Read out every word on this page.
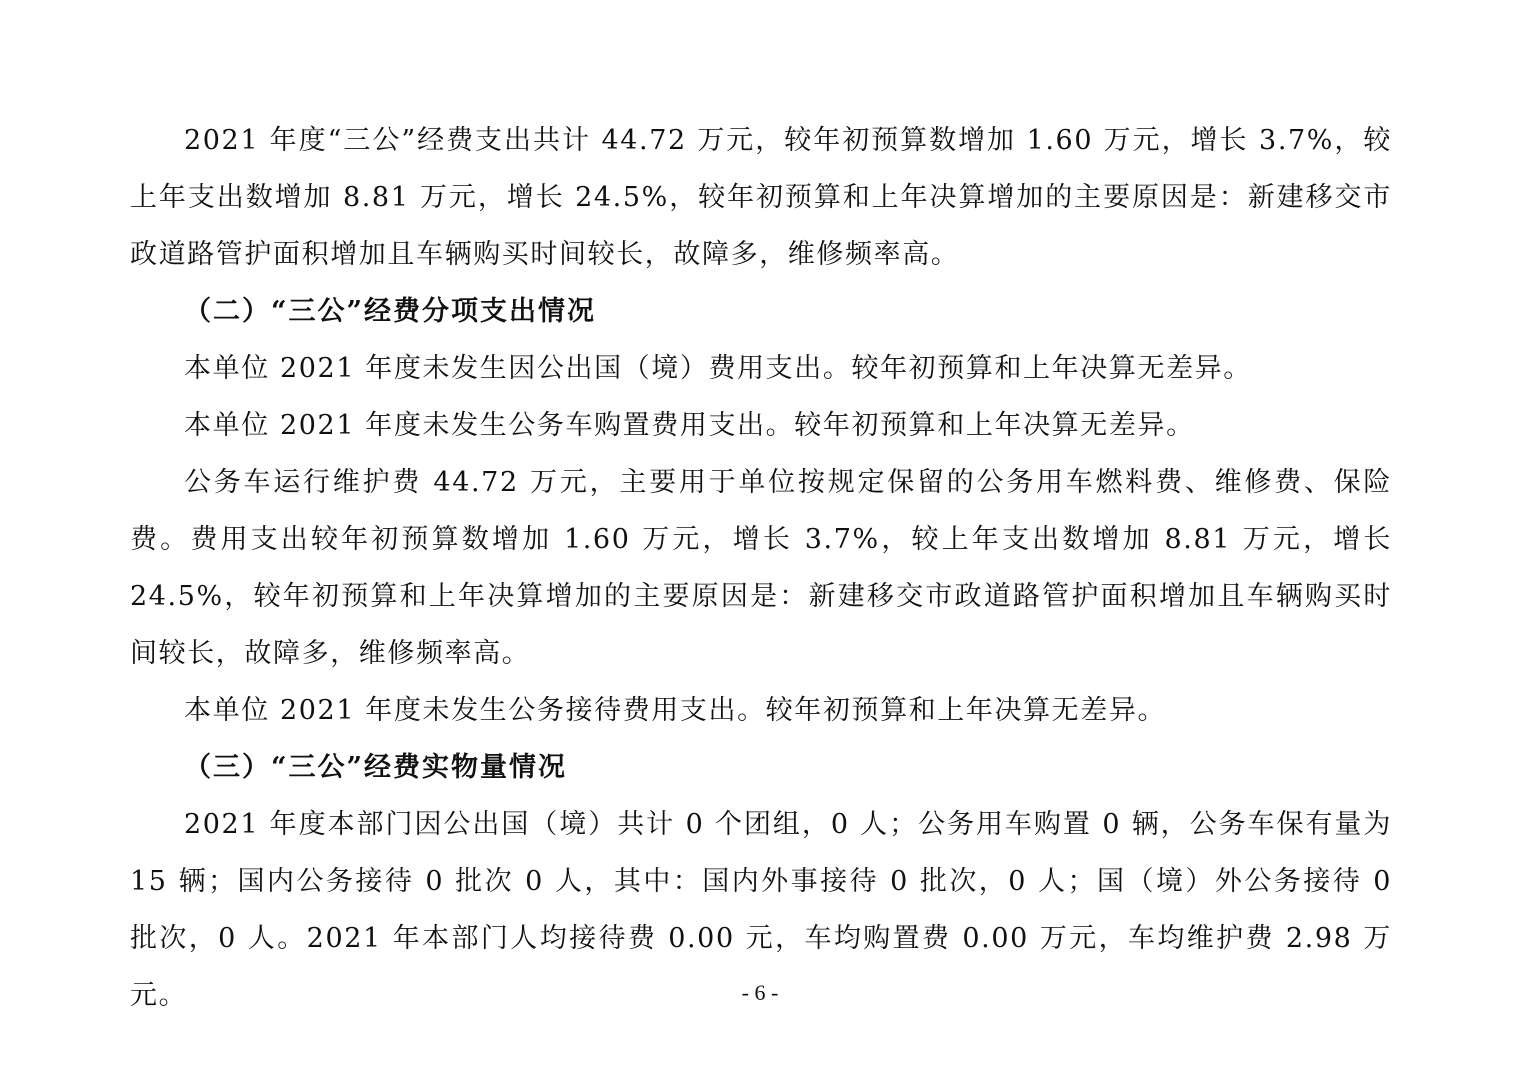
2021 年度“三公”经费支出共计 44.72 万元，较年初预算数增加 1.60 万元，增长 3.7%，较上年支出数增加 8.81 万元，增长 24.5%，较年初预算和上年决算增加的主要原因是：新建移交市政道路管护面积增加且车辆购买时间较长，故障多，维修频率高。

（二）“三公”经费分项支出情况

本单位 2021 年度未发生因公出国（境）费用支出。较年初预算和上年决算无差异。

本单位 2021 年度未发生公务车购置费用支出。较年初预算和上年决算无差异。

公务车运行维护费 44.72 万元，主要用于单位按规定保留的公务用车燃料费、维修费、保险费。费用支出较年初预算数增加 1.60 万元，增长 3.7%，较上年支出数增加 8.81 万元，增长 24.5%，较年初预算和上年决算增加的主要原因是：新建移交市政道路管护面积增加且车辆购买时间较长，故障多，维修频率高。

本单位 2021 年度未发生公务接待费用支出。较年初预算和上年决算无差异。

（三）“三公”经费实物量情况

2021 年度本部门因公出国（境）共计 0 个团组，0 人；公务用车购置 0 辆，公务车保有量为 15 辆；国内公务接待 0 批次 0 人，其中：国内外事接待 0 批次，0 人；国（境）外公务接待 0 批次，0 人。2021 年本部门人均接待费 0.00 元，车均购置费 0.00 万元，车均维护费 2.98 万元。	- 6 -
